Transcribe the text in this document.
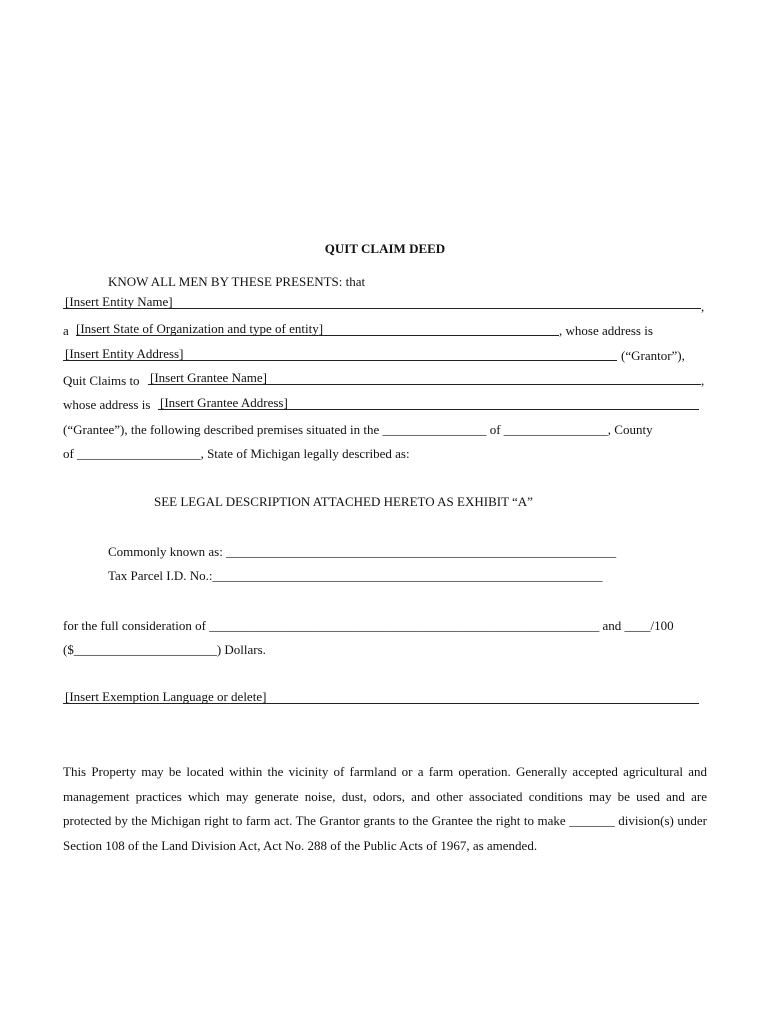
QUIT CLAIM DEED
KNOW ALL MEN BY THESE PRESENTS: that
[Insert Entity Name]	,
a [Insert State of Organization and type of entity]	, whose address is
[Insert Entity Address]	(“Grantor”),
Quit Claims to [Insert Grantee Name]	,
whose address is [Insert Grantee Address]
(“Grantee”), the following described premises situated in the ________________ of ________________, County
of ___________________, State of Michigan legally described as:
SEE LEGAL DESCRIPTION ATTACHED HERETO AS EXHIBIT “A”
Commonly known as: ____________________________________________________________
Tax Parcel I.D. No.:____________________________________________________________
for the full consideration of ____________________________________________________________ and ____/100
($______________________) Dollars.
[Insert Exemption Language or delete]
This Property may be located within the vicinity of farmland or a farm operation. Generally accepted agricultural and management practices which may generate noise, dust, odors, and other associated conditions may be used and are protected by the Michigan right to farm act. The Grantor grants to the Grantee the right to make _______ division(s) under Section 108 of the Land Division Act, Act No. 288 of the Public Acts of 1967, as amended.
